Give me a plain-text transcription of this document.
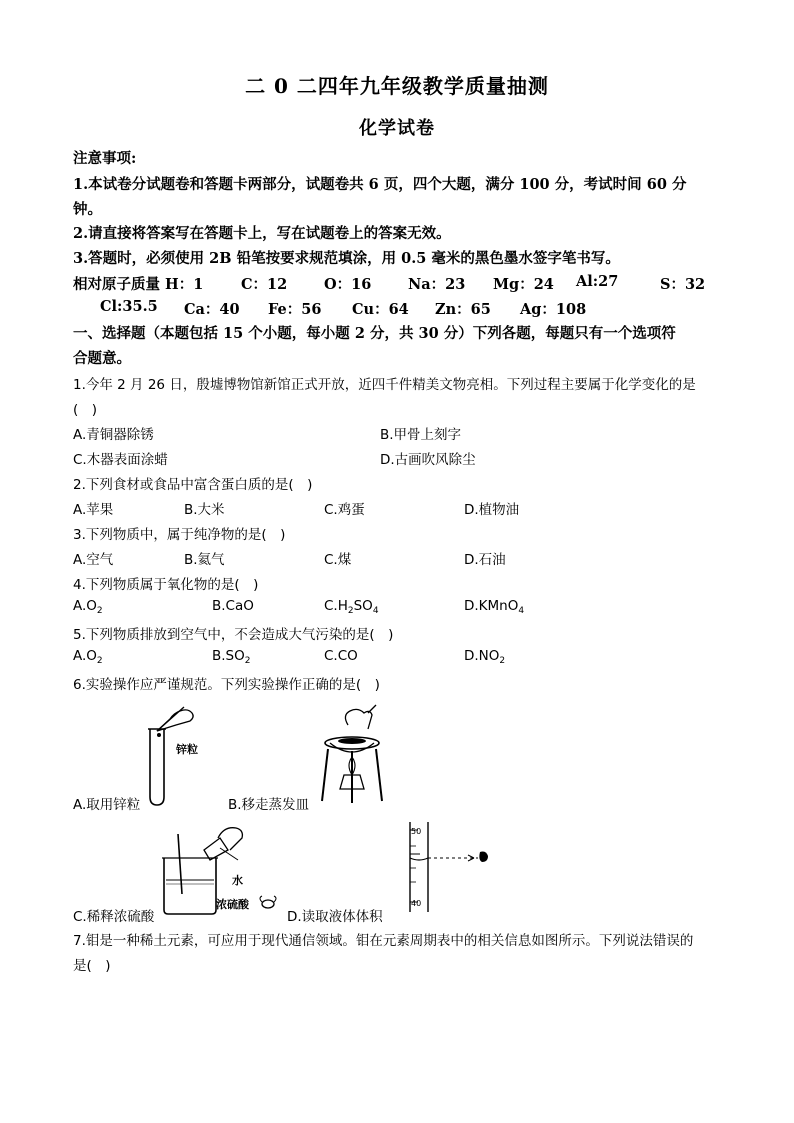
二 0 二四年九年级教学质量抽测
化学试卷
注意事项:
1.本试卷分试题卷和答题卡两部分，试题卷共 6 页，四个大题，满分 100 分，考试时间 60 分
钟。
2.请直接将答案写在答题卡上，写在试题卷上的答案无效。
3.答题时，必须使用 2B 铅笔按要求规范填涂，用 0.5 毫米的黑色墨水签字笔书写。
相对原子质量 H：1	C：12	O：16	Na：23 Mg：24 Al:27	S：32
Cl:35.5 Ca：40 Fe：56 Cu：64 Zn：65 Ag：108
一、选择题（本题包括 15 个小题，每小题 2 分，共 30 分）下列各题，每题只有一个选项符
合题意。
1.今年 2 月 26 日，殷墟博物馆新馆正式开放，近四千件精美文物亮相。下列过程主要属于化学变化的是
(　)
A.青铜器除锈	B.甲骨上刻字
C.木器表面涂蜡	D.古画吹风除尘
2.下列食材或食品中富含蛋白质的是(　)
A.苹果	B.大米	C.鸡蛋	D.植物油
3.下列物质中，属于纯净物的是(　)
A.空气	B.氦气	C.煤	D.石油
4.下列物质属于氧化物的是(　)
$A.O_2$	B.CaO	$C.H_2SO_4$	D.KMnO$_4$
5.下列物质排放到空气中，不会造成大气污染的是(　)
$A.O_2$	$B.SO_2$	C.CO	$D.NO_2$
6.实验操作应严谨规范。下列实验操作正确的是(　)
锌粒
A.取用锌粒	B.移走蒸发皿
水
浓硫酸
C.稀释浓硫酸
50
40
D.读取液体体积
7.钼是一种稀土元素，可应用于现代通信领域。钼在元素周期表中的相关信息如图所示。下列说法错误的
是(　)
